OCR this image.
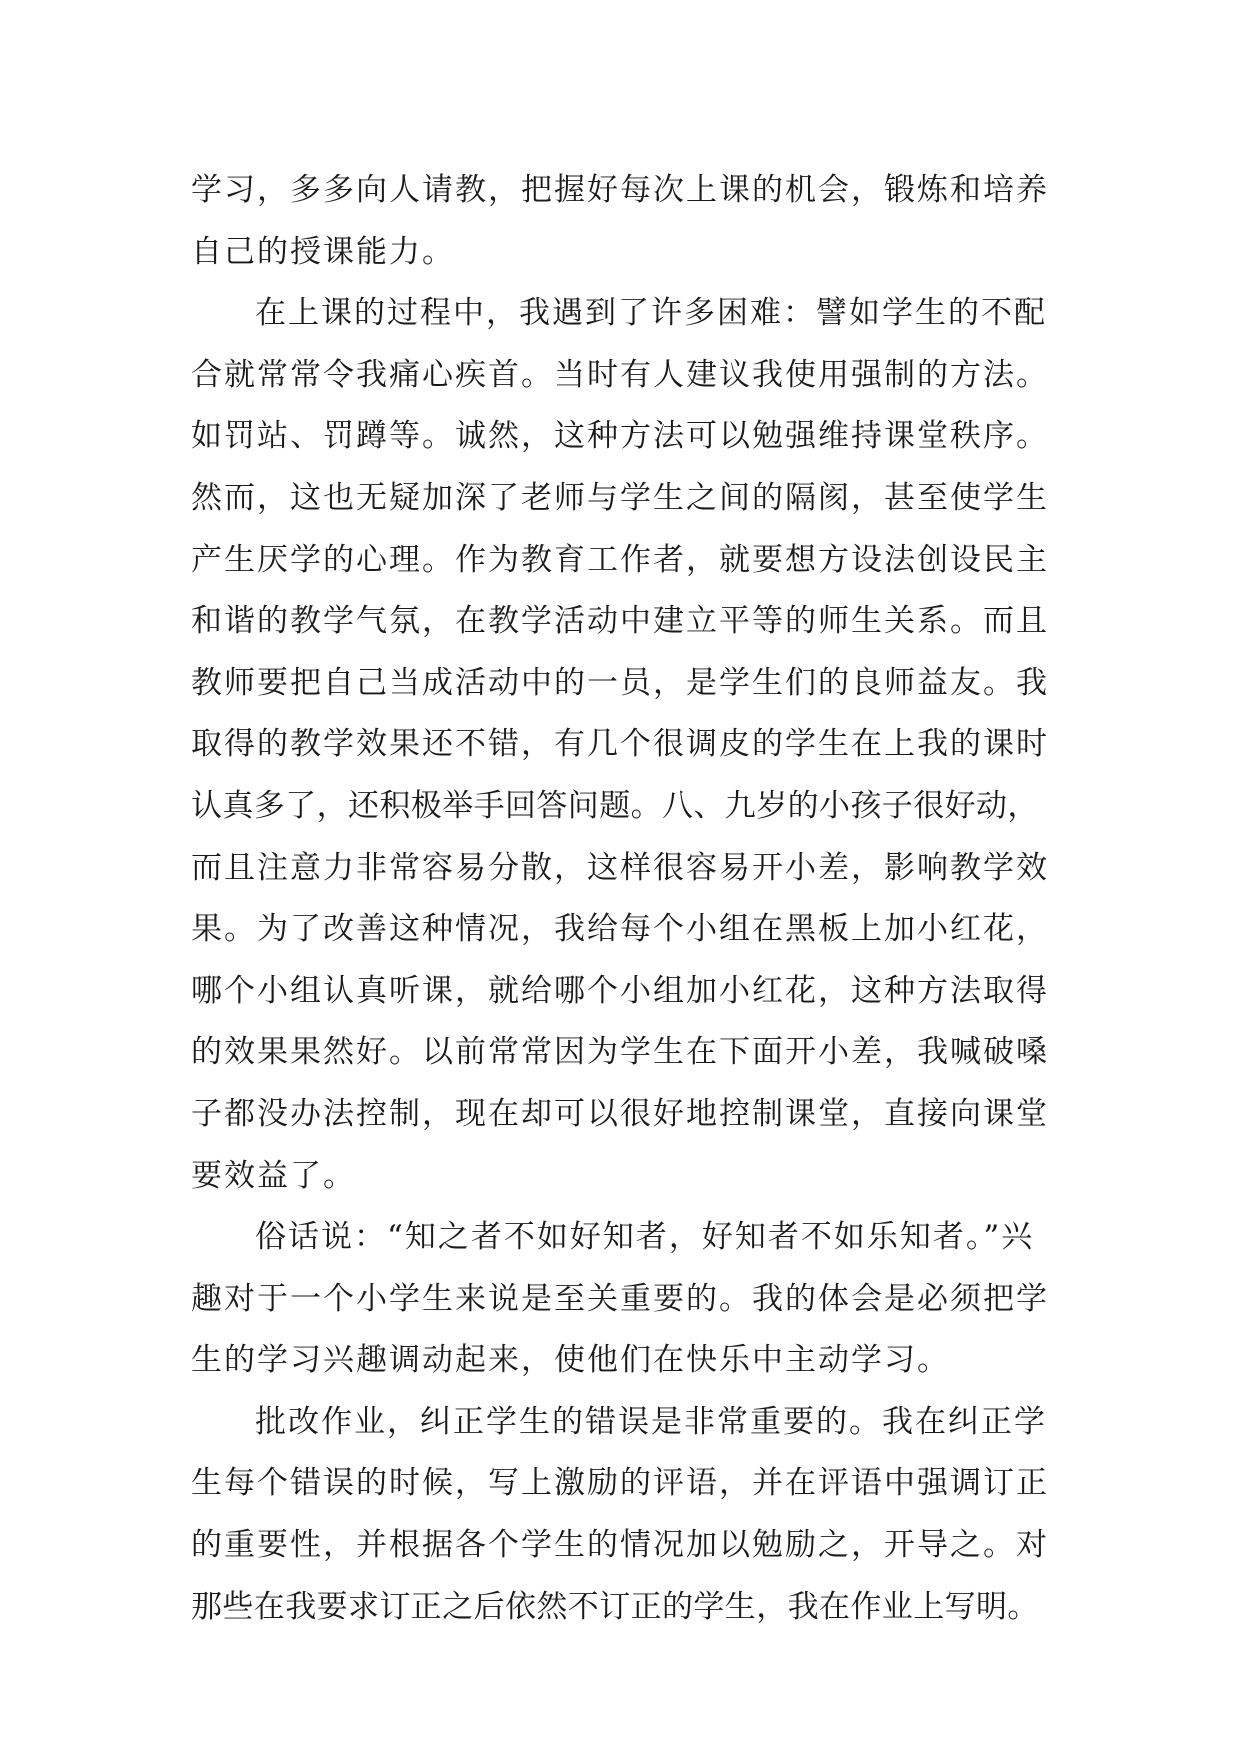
学习，多多向人请教，把握好每次上课的机会，锻炼和培养
自己的授课能力。
在上课的过程中，我遇到了许多困难：譬如学生的不配
合就常常令我痛心疾首。当时有人建议我使用强制的方法。
如罚站、罚蹲等。诚然，这种方法可以勉强维持课堂秩序。
然而，这也无疑加深了老师与学生之间的隔阂，甚至使学生
产生厌学的心理。作为教育工作者，就要想方设法创设民主
和谐的教学气氛，在教学活动中建立平等的师生关系。而且
教师要把自己当成活动中的一员，是学生们的良师益友。我
取得的教学效果还不错，有几个很调皮的学生在上我的课时
认真多了，还积极举手回答问题。八、九岁的小孩子很好动，
而且注意力非常容易分散，这样很容易开小差，影响教学效
果。为了改善这种情况，我给每个小组在黑板上加小红花，
哪个小组认真听课，就给哪个小组加小红花，这种方法取得
的效果果然好。以前常常因为学生在下面开小差，我喊破嗓
子都没办法控制，现在却可以很好地控制课堂，直接向课堂
要效益了。
俗话说：“知之者不如好知者，好知者不如乐知者。”兴
趣对于一个小学生来说是至关重要的。我的体会是必须把学
生的学习兴趣调动起来，使他们在快乐中主动学习。
批改作业，纠正学生的错误是非常重要的。我在纠正学
生每个错误的时候，写上激励的评语，并在评语中强调订正
的重要性，并根据各个学生的情况加以勉励之，开导之。对
那些在我要求订正之后依然不订正的学生，我在作业上写明。
